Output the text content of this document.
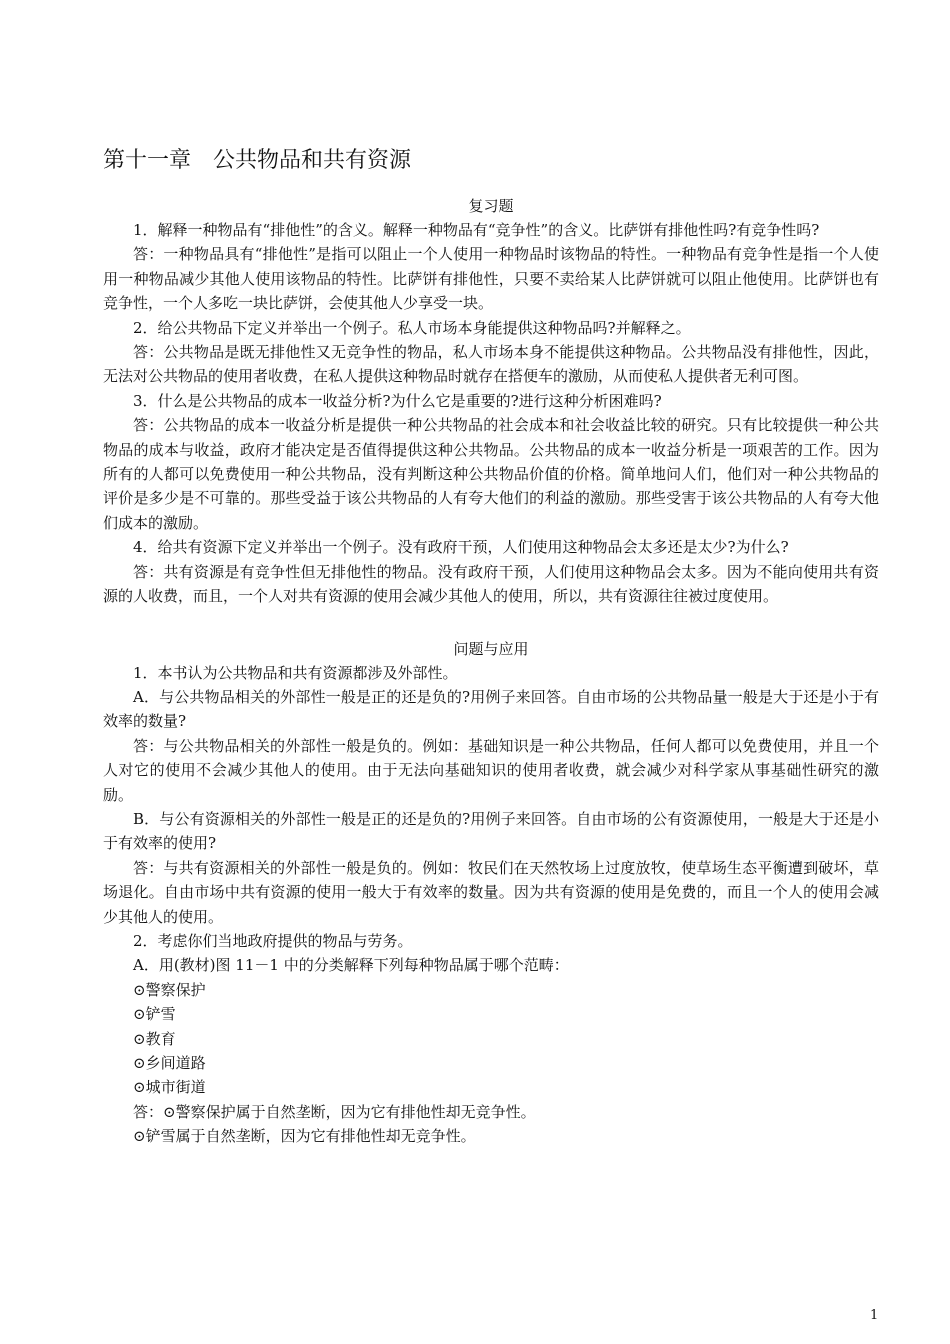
第十一章　公共物品和共有资源
复习题

1．解释一种物品有“排他性”的含义。解释一种物品有“竞争性”的含义。比萨饼有排他性吗?有竞争性吗?

答：一种物品具有“排他性”是指可以阻止一个人使用一种物品时该物品的特性。一种物品有竞争性是指一个人使用一种物品减少其他人使用该物品的特性。比萨饼有排他性，只要不卖给某人比萨饼就可以阻止他使用。比萨饼也有竞争性，一个人多吃一块比萨饼，会使其他人少享受一块。

2．给公共物品下定义并举出一个例子。私人市场本身能提供这种物品吗?并解释之。

答：公共物品是既无排他性又无竞争性的物品，私人市场本身不能提供这种物品。公共物品没有排他性，因此，无法对公共物品的使用者收费，在私人提供这种物品时就存在搭便车的激励，从而使私人提供者无利可图。

3．什么是公共物品的成本一收益分析?为什么它是重要的?进行这种分析困难吗?

答：公共物品的成本一收益分析是提供一种公共物品的社会成本和社会收益比较的研究。只有比较提供一种公共物品的成本与收益，政府才能决定是否值得提供这种公共物品。公共物品的成本一收益分析是一项艰苦的工作。因为所有的人都可以免费使用一种公共物品，没有判断这种公共物品价值的价格。简单地问人们，他们对一种公共物品的评价是多少是不可靠的。那些受益于该公共物品的人有夸大他们的利益的激励。那些受害于该公共物品的人有夸大他们成本的激励。

4．给共有资源下定义并举出一个例子。没有政府干预，人们使用这种物品会太多还是太少?为什么?

答：共有资源是有竞争性但无排他性的物品。没有政府干预，人们使用这种物品会太多。因为不能向使用共有资源的人收费，而且，一个人对共有资源的使用会减少其他人的使用，所以，共有资源往往被过度使用。

问题与应用

1．本书认为公共物品和共有资源都涉及外部性。

A．与公共物品相关的外部性一般是正的还是负的?用例子来回答。自由市场的公共物品量一般是大于还是小于有效率的数量?

答：与公共物品相关的外部性一般是负的。例如：基础知识是一种公共物品，任何人都可以免费使用，并且一个人对它的使用不会减少其他人的使用。由于无法向基础知识的使用者收费，就会减少对科学家从事基础性研究的激励。

B．与公有资源相关的外部性一般是正的还是负的?用例子来回答。自由市场的公有资源使用，一般是大于还是小于有效率的使用?

答：与共有资源相关的外部性一般是负的。例如：牧民们在天然牧场上过度放牧，使草场生态平衡遭到破坏，草场退化。自由市场中共有资源的使用一般大于有效率的数量。因为共有资源的使用是免费的，而且一个人的使用会减少其他人的使用。

2．考虑你们当地政府提供的物品与劳务。

A．用(教材)图 11－1 中的分类解释下列每种物品属于哪个范畴：

⊙警察保护

⊙铲雪

⊙教育

⊙乡间道路

⊙城市街道

答：⊙警察保护属于自然垄断，因为它有排他性却无竞争性。

⊙铲雪属于自然垄断，因为它有排他性却无竞争性。

1
